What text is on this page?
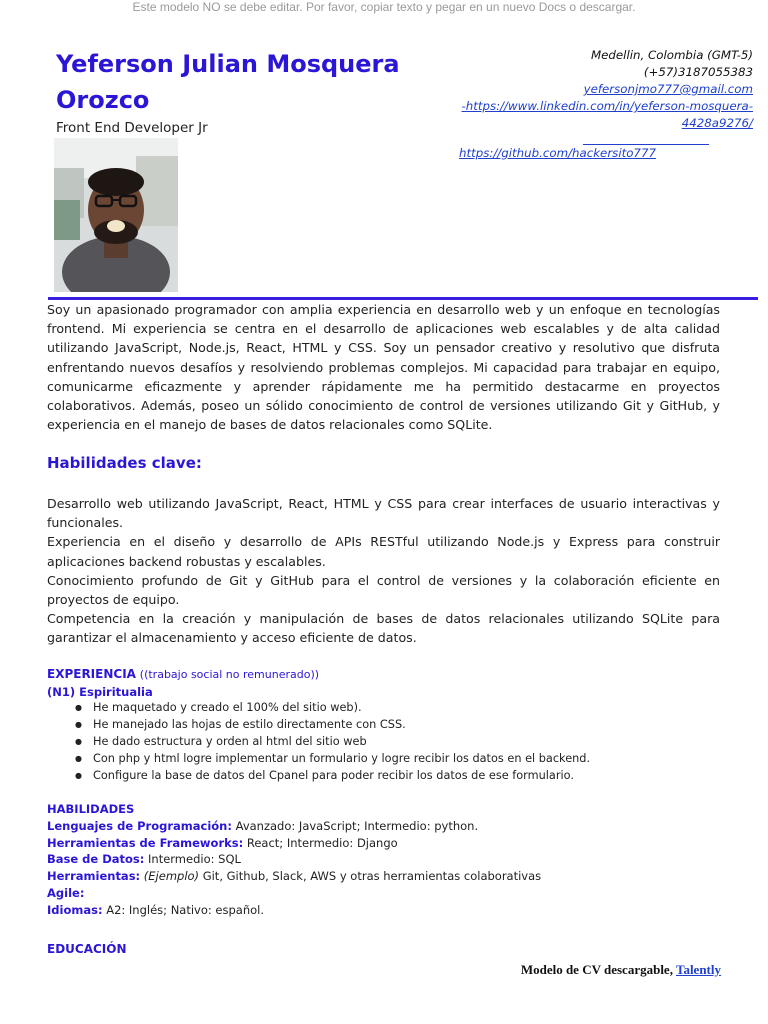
Este modelo NO se debe editar. Por favor, copiar texto y pegar en un nuevo Docs o descargar.
Yeferson Julian Mosquera
Orozco
Front End Developer Jr
Medellin, Colombia (GMT-5)
(+57)3187055383
yefersonjmo777@gmail.com
-https://www.linkedin.com/in/yeferson-mosquera-
4428a9276/
https://github.com/hackersito777
Soy un apasionado programador con amplia experiencia en desarrollo web y un enfoque en tecnologías frontend. Mi experiencia se centra en el desarrollo de aplicaciones web escalables y de alta calidad utilizando JavaScript, Node.js, React, HTML y CSS. Soy un pensador creativo y resolutivo que disfruta enfrentando nuevos desafíos y resolviendo problemas complejos. Mi capacidad para trabajar en equipo, comunicarme eficazmente y aprender rápidamente me ha permitido destacarme en proyectos colaborativos. Además, poseo un sólido conocimiento de control de versiones utilizando Git y GitHub, y experiencia en el manejo de bases de datos relacionales como SQLite.
Habilidades clave:

Desarrollo web utilizando JavaScript, React, HTML y CSS para crear interfaces de usuario interactivas y funcionales.

Experiencia en el diseño y desarrollo de APIs RESTful utilizando Node.js y Express para construir aplicaciones backend robustas y escalables.

Conocimiento profundo de Git y GitHub para el control de versiones y la colaboración eficiente en proyectos de equipo.

Competencia en la creación y manipulación de bases de datos relacionales utilizando SQLite para garantizar el almacenamiento y acceso eficiente de datos.

EXPERIENCIA ((trabajo social no remunerado))
(N1) Espiritualia
● He maquetado y creado el 100% del sitio web).
● He manejado las hojas de estilo directamente con CSS.
● He dado estructura y orden al html del sitio web
● Con php y html logre implementar un formulario y logre recibir los datos en el backend.
● Configure la base de datos del Cpanel para poder recibir los datos de ese formulario.
HABILIDADES
Lenguajes de Programación: Avanzado: JavaScript; Intermedio: python.
Herramientas de Frameworks: React; Intermedio: Django
Base de Datos: Intermedio: SQL
Herramientas: (Ejemplo) Git, Github, Slack, AWS y otras herramientas colaborativas
Agile:
Idiomas: A2: Inglés; Nativo: español.
EDUCACIÓN
Modelo de CV descargable, Talently
